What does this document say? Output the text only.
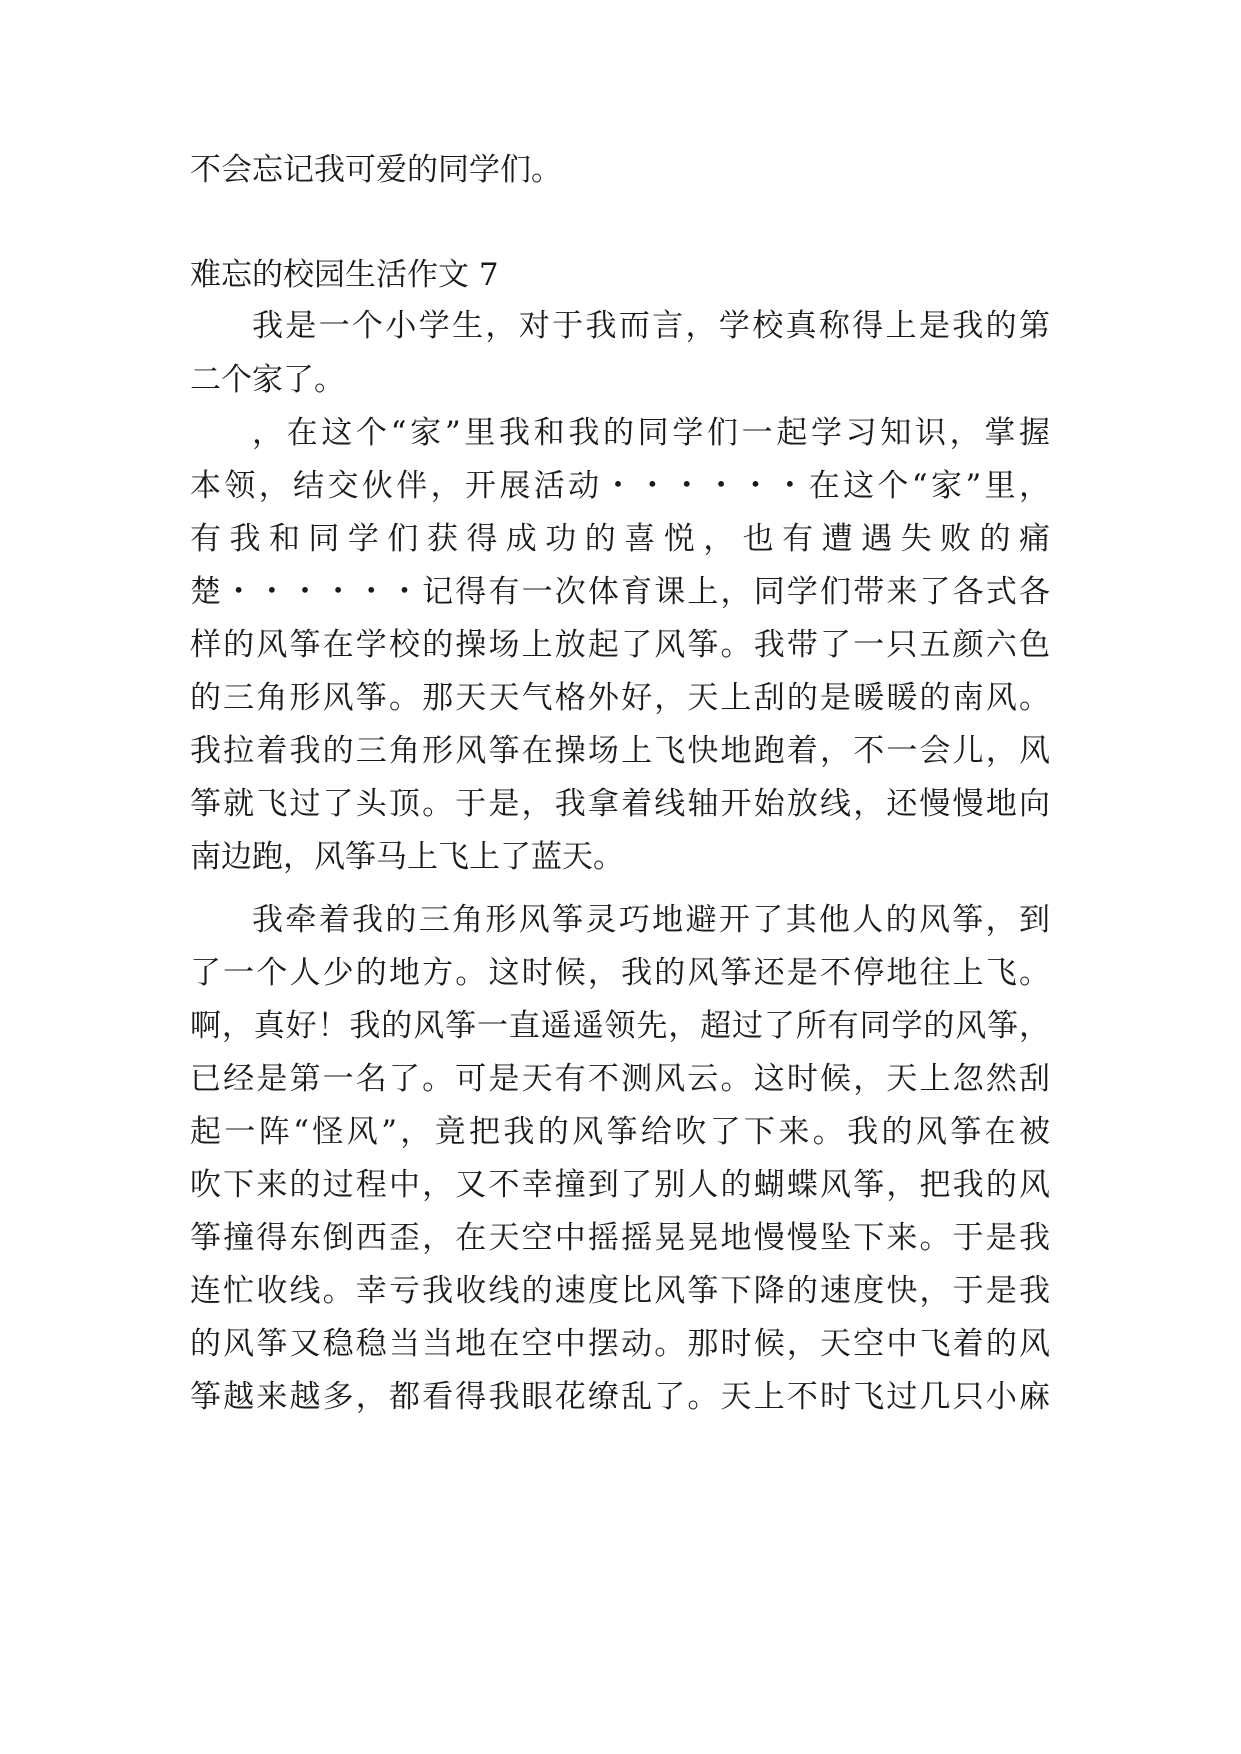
不会忘记我可爱的同学们。
难忘的校园生活作文 7
我是一个小学生，对于我而言，学校真称得上是我的第
二个家了。
，在这个“家”里我和我的同学们一起学习知识，掌握
本领，结交伙伴，开展活动・・・・・・在这个“家”里，
有我和同学们获得成功的喜悦，也有遭遇失败的痛
楚・・・・・・记得有一次体育课上，同学们带来了各式各
样的风筝在学校的操场上放起了风筝。我带了一只五颜六色
的三角形风筝。那天天气格外好，天上刮的是暖暖的南风。
我拉着我的三角形风筝在操场上飞快地跑着，不一会儿，风
筝就飞过了头顶。于是，我拿着线轴开始放线，还慢慢地向
南边跑，风筝马上飞上了蓝天。
我牵着我的三角形风筝灵巧地避开了其他人的风筝，到
了一个人少的地方。这时候，我的风筝还是不停地往上飞。
啊，真好！我的风筝一直遥遥领先，超过了所有同学的风筝，
已经是第一名了。可是天有不测风云。这时候，天上忽然刮
起一阵“怪风”，竟把我的风筝给吹了下来。我的风筝在被
吹下来的过程中，又不幸撞到了别人的蝴蝶风筝，把我的风
筝撞得东倒西歪，在天空中摇摇晃晃地慢慢坠下来。于是我
连忙收线。幸亏我收线的速度比风筝下降的速度快，于是我
的风筝又稳稳当当地在空中摆动。那时候，天空中飞着的风
筝越来越多，都看得我眼花缭乱了。天上不时飞过几只小麻
